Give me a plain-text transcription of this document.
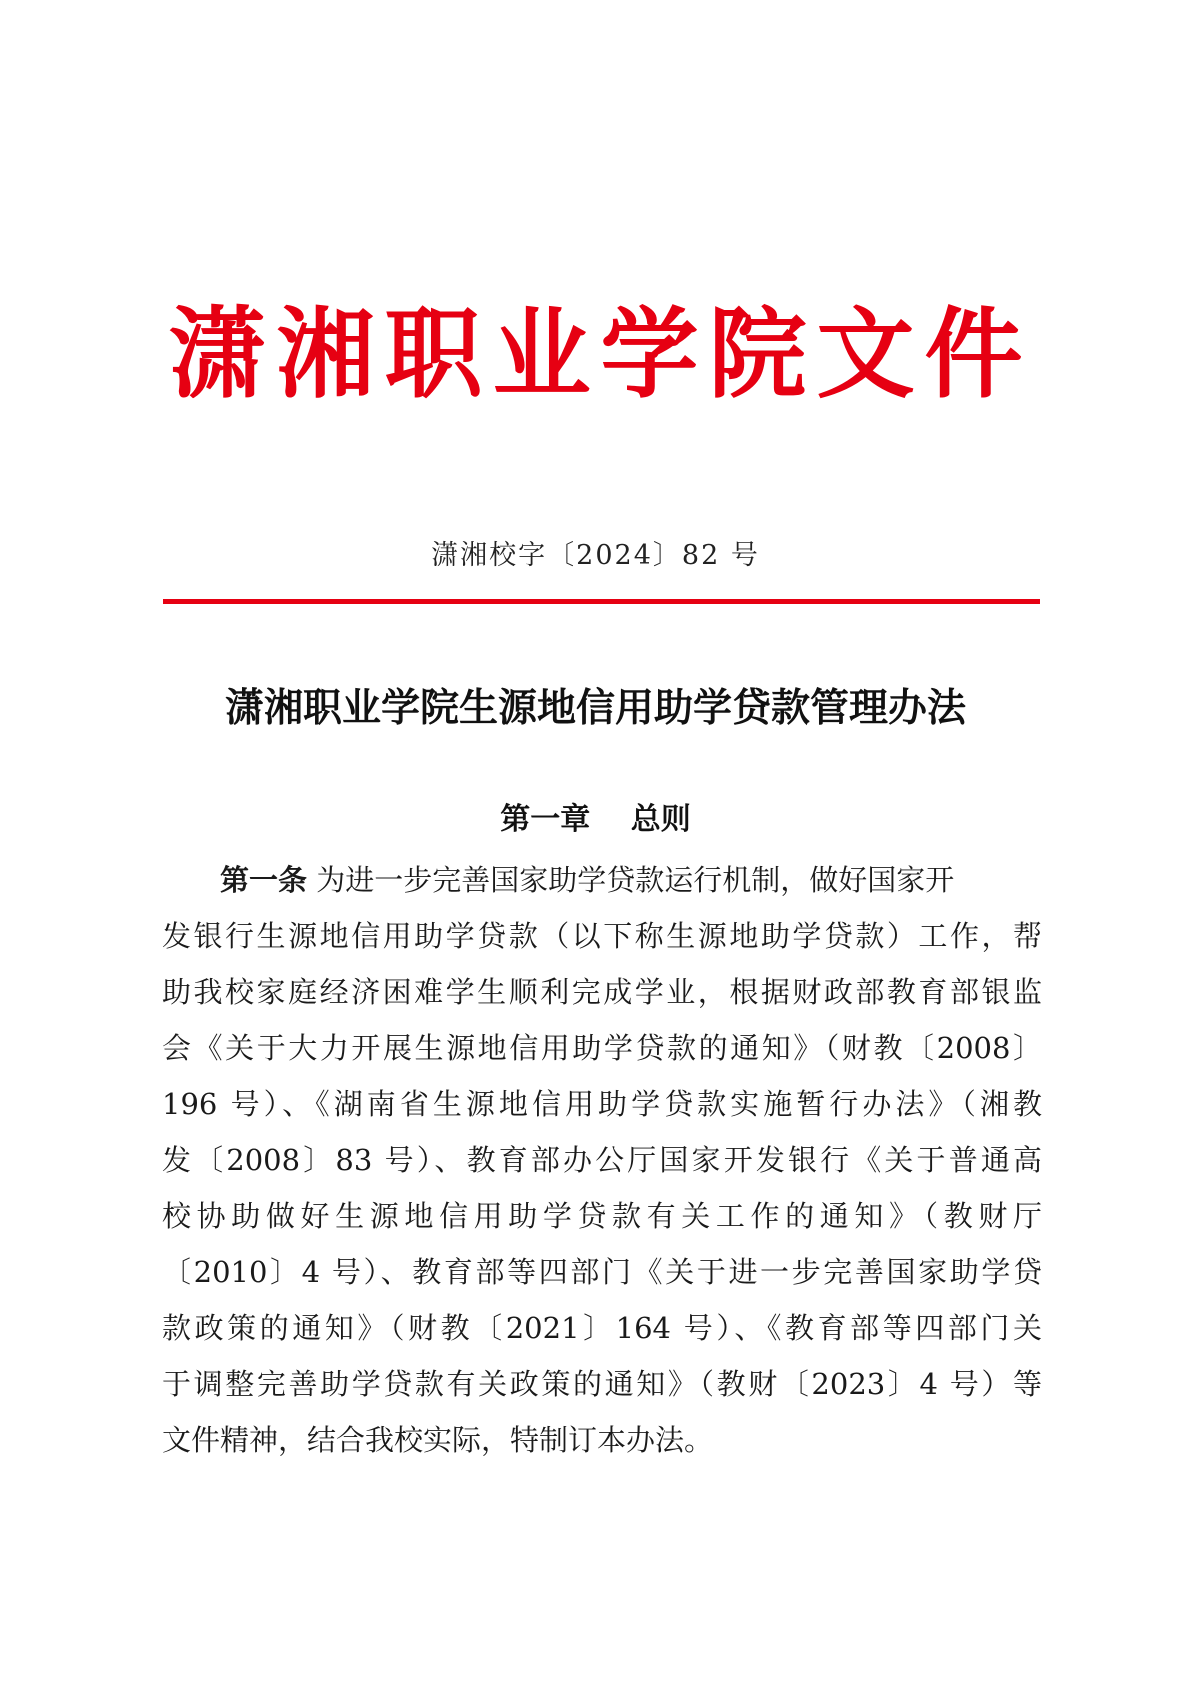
潇湘职业学院文件
潇湘校字〔2024〕82 号
潇湘职业学院生源地信用助学贷款管理办法
第一章　 总则
第一条 为进一步完善国家助学贷款运行机制，做好国家开
发银行生源地信用助学贷款（以下称生源地助学贷款）工作，帮
助我校家庭经济困难学生顺利完成学业，根据财政部教育部银监
会《关于大力开展生源地信用助学贷款的通知》（财教〔2008〕
196 号）、《湖南省生源地信用助学贷款实施暂行办法》（湘教
发〔2008〕83 号）、教育部办公厅国家开发银行《关于普通高
校协助做好生源地信用助学贷款有关工作的通知》（教财厅
〔2010〕4 号）、教育部等四部门《关于进一步完善国家助学贷
款政策的通知》（财教〔2021〕164 号）、《教育部等四部门关
于调整完善助学贷款有关政策的通知》（教财〔2023〕4 号）等
文件精神，结合我校实际，特制订本办法。
